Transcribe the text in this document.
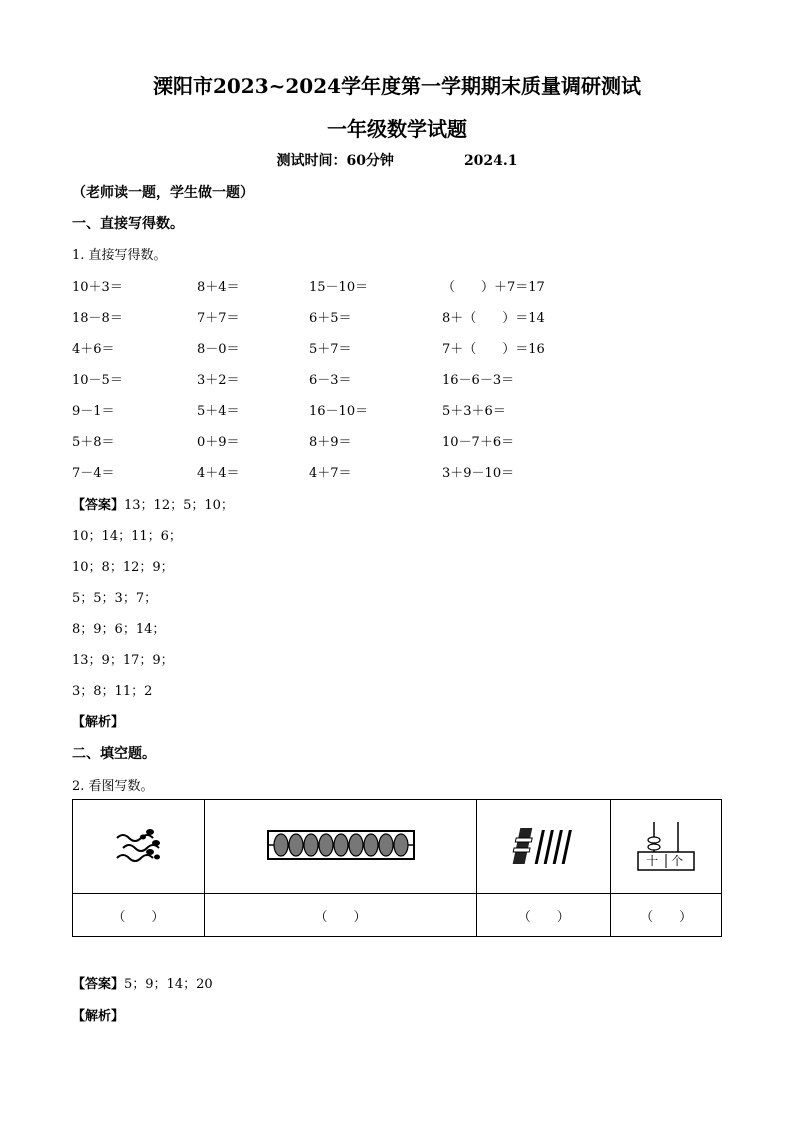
溧阳市2023~2024学年度第一学期期末质量调研测试
一年级数学试题
测试时间：60分钟	2024.1
（老师读一题，学生做一题）
一、直接写得数。
1. 直接写得数。
10＋3＝	8＋4＝	15－10＝	（　　）＋7＝17
18－8＝	7＋7＝	6＋5＝	8＋（　　）＝14
4＋6＝	8－0＝	5＋7＝	7＋（　　）＝16
10－5＝	3＋2＝	6－3＝	16－6－3＝
9－1＝	5＋4＝	16－10＝	5＋3＋6＝
5＋8＝	0＋9＝	8＋9＝	10－7＋6＝
7－4＝	4＋4＝	4＋7＝	3＋9－10＝
【答案】13；12；5；10；
10；14；11；6；
10；8；12；9；
5；5；3；7；
8；9；6；14；
13；9；17；9；
3；8；11；2
【解析】
二、填空题。
2. 看图写数。

十 个

（　　）	（　　）	（　　）	（　　）
【答案】5；9；14；20
【解析】
